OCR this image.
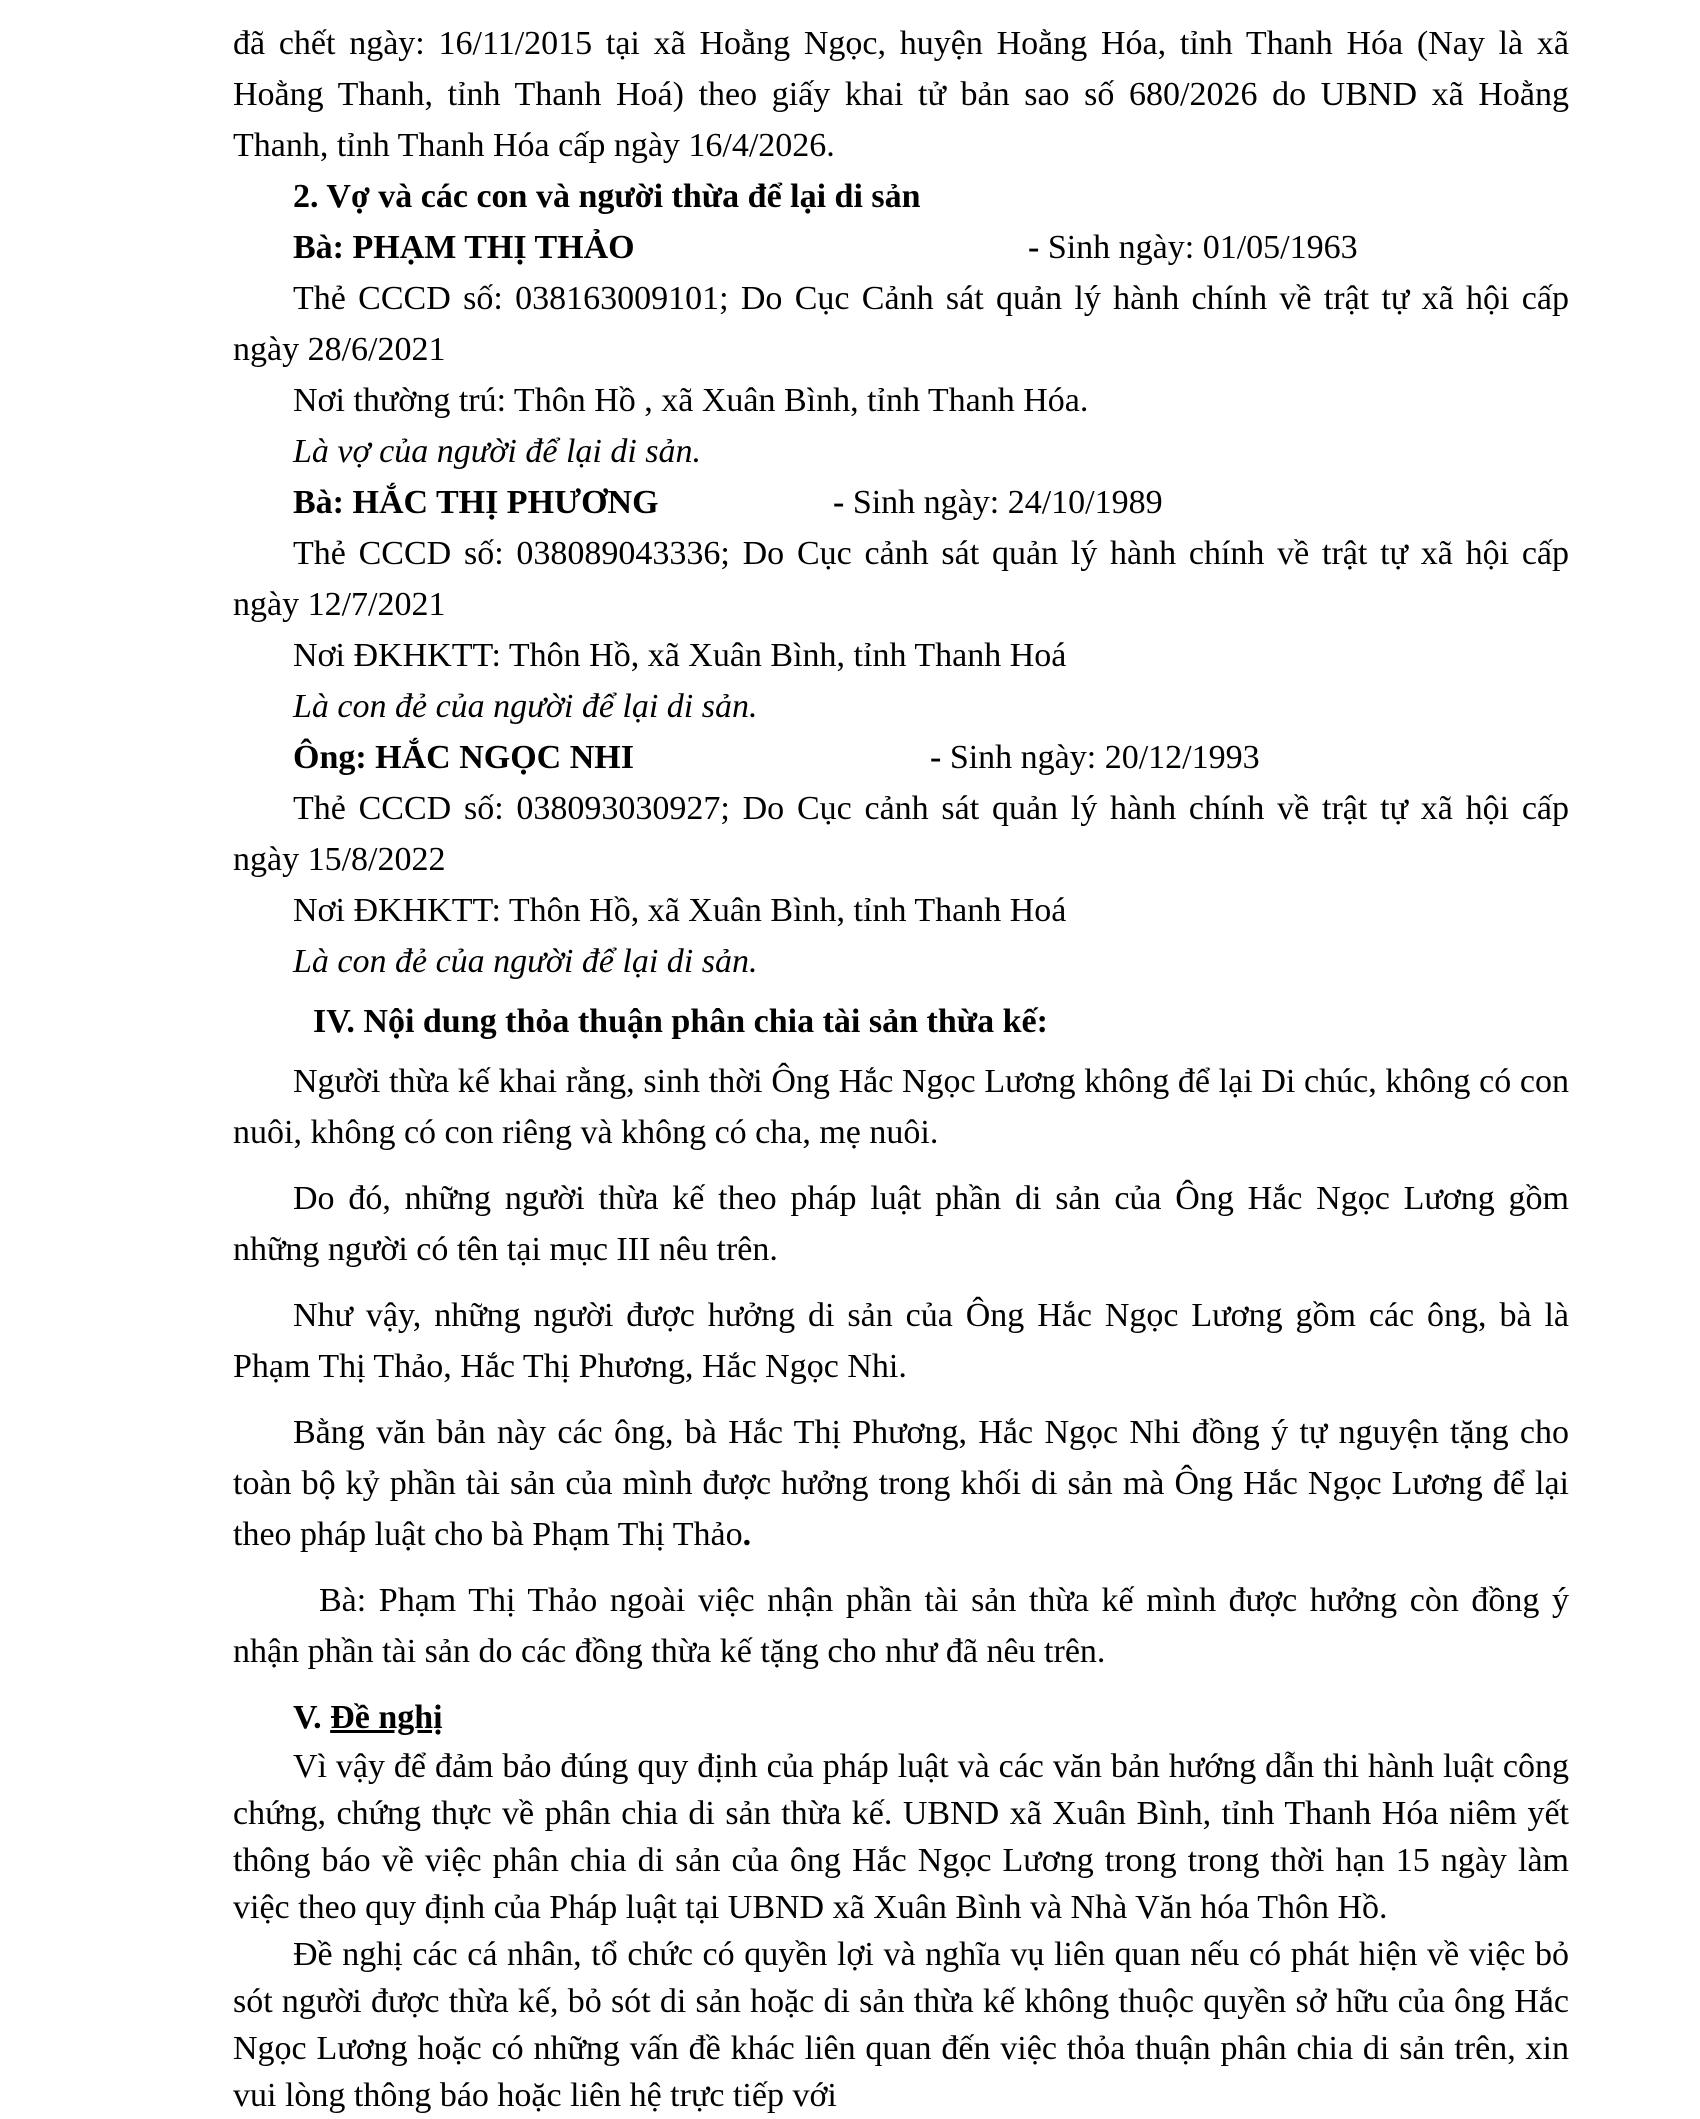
đã chết ngày: 16/11/2015 tại xã Hoằng Ngọc, huyện Hoằng Hóa, tỉnh Thanh Hóa (Nay là xã Hoằng Thanh, tỉnh Thanh Hoá) theo giấy khai tử bản sao số 680/2026 do UBND xã Hoằng Thanh, tỉnh Thanh Hóa cấp ngày 16/4/2026.

2. Vợ và các con và người thừa để lại di sản
Bà: PHẠM THỊ THẢO	- Sinh ngày: 01/05/1963

Thẻ CCCD số: 038163009101; Do Cục Cảnh sát quản lý hành chính về trật tự xã hội cấp ngày 28/6/2021

Nơi thường trú: Thôn Hồ , xã Xuân Bình, tỉnh Thanh Hóa.
Là vợ của người để lại di sản.
Bà: HẮC THỊ PHƯƠNG	- Sinh ngày: 24/10/1989

Thẻ CCCD số: 038089043336; Do Cục cảnh sát quản lý hành chính về trật tự xã hội cấp ngày 12/7/2021

Nơi ĐKHKTT: Thôn Hồ, xã Xuân Bình, tỉnh Thanh Hoá
Là con đẻ của người để lại di sản.
Ông: HẮC NGỌC NHI	- Sinh ngày: 20/12/1993

Thẻ CCCD số: 038093030927; Do Cục cảnh sát quản lý hành chính về trật tự xã hội cấp ngày 15/8/2022

Nơi ĐKHKTT: Thôn Hồ, xã Xuân Bình, tỉnh Thanh Hoá
Là con đẻ của người để lại di sản.
IV. Nội dung thỏa thuận phân chia tài sản thừa kế:

Người thừa kế khai rằng, sinh thời Ông Hắc Ngọc Lương không để lại Di chúc, không có con nuôi, không có con riêng và không có cha, mẹ nuôi.

Do đó, những người thừa kế theo pháp luật phần di sản của Ông Hắc Ngọc Lương gồm những người có tên tại mục III nêu trên.

Như vậy, những người được hưởng di sản của Ông Hắc Ngọc Lương gồm các ông, bà là Phạm Thị Thảo, Hắc Thị Phương, Hắc Ngọc Nhi.

Bằng văn bản này các ông, bà Hắc Thị Phương, Hắc Ngọc Nhi đồng ý tự nguyện tặng cho toàn bộ kỷ phần tài sản của mình được hưởng trong khối di sản mà Ông Hắc Ngọc Lương để lại theo pháp luật cho bà Phạm Thị Thảo.

Bà: Phạm Thị Thảo ngoài việc nhận phần tài sản thừa kế mình được hưởng còn đồng ý nhận phần tài sản do các đồng thừa kế tặng cho như đã nêu trên.

V. Đề nghị

Vì vậy để đảm bảo đúng quy định của pháp luật và các văn bản hướng dẫn thi hành luật công chứng, chứng thực về phân chia di sản thừa kế. UBND xã Xuân Bình, tỉnh Thanh Hóa niêm yết thông báo về việc phân chia di sản của ông Hắc Ngọc Lương trong trong thời hạn 15 ngày làm việc theo quy định của Pháp luật tại UBND xã Xuân Bình và Nhà Văn hóa Thôn Hồ.

Đề nghị các cá nhân, tổ chức có quyền lợi và nghĩa vụ liên quan nếu có phát hiện về việc bỏ sót người được thừa kế, bỏ sót di sản hoặc di sản thừa kế không thuộc quyền sở hữu của ông Hắc Ngọc Lương hoặc có những vấn đề khác liên quan đến việc thỏa thuận phân chia di sản trên, xin vui lòng thông báo hoặc liên hệ trực tiếp với
